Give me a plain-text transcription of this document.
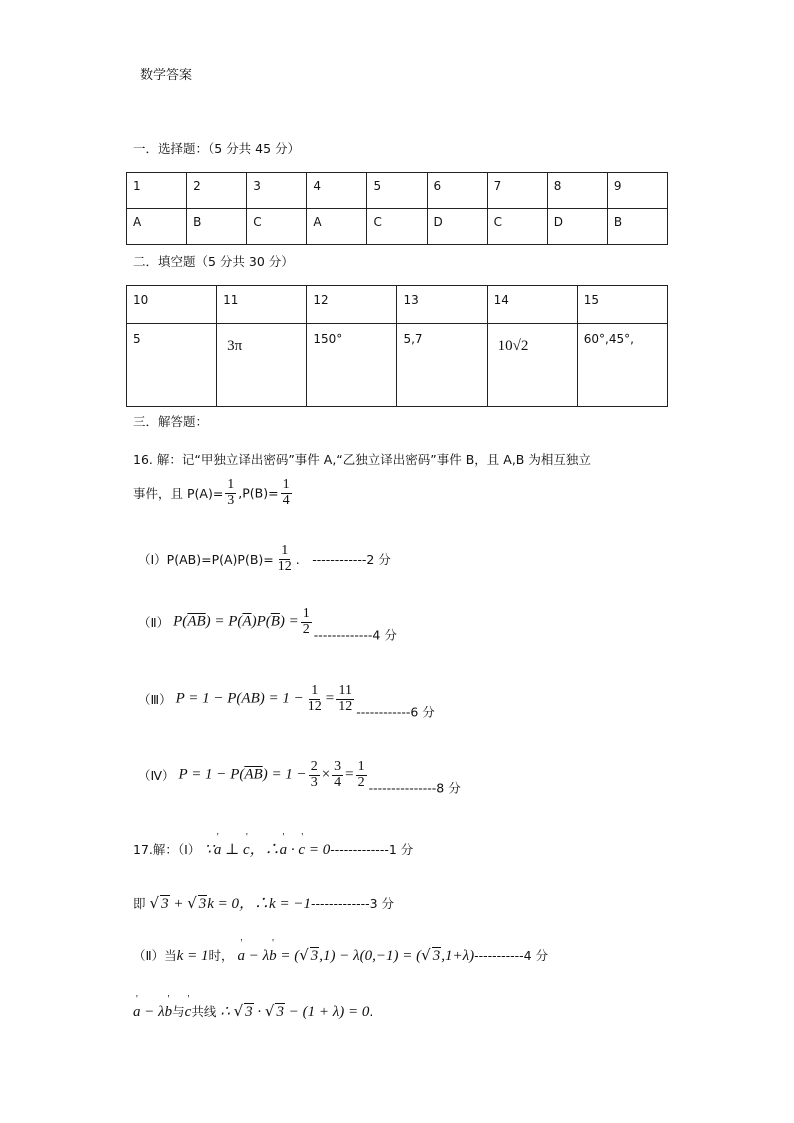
数学答案
一．选择题：（5 分共 45 分）
1	2	3	4	5	6	7	8	9
A	B	C	A	C	D	C	D	B
二．填空题（5 分共 30 分）
10	11	12	13	14	15
5	3π	150°	5,7	10√2	60°,45°,
三．解答题：
16. 解：记“甲独立译出密码”事件 A,“乙独立译出密码”事件 B，且 A,B 为相互独立
事件，且 $P(A)= \frac{1}{3} ,P(B)= \frac{1}{4}$
（Ⅰ）P(AB)=P(A)P(B)= $\frac{1}{12}$ .　------------2 分
（Ⅱ） $P(\overline{AB}) = P(\overline{A})P(\overline{B}) = \frac{1}{2} -------------4$ 分
（Ⅲ） $P = 1 - P(AB) = 1 - \frac{1}{12} = \frac{11}{12} ------------6$ 分
（Ⅳ） $P = 1 - P(\overline{AB}) = 1 - \frac{2}{3} \times \frac{3}{4} = \frac{1}{2} ---------------8$ 分
17.解：（Ⅰ） ∵' a ⊥ ' c，∴' a · ' c = 0-------------1 分
即 √ 3 + √ 3k = 0，∴k = −1-------------3 分
（Ⅱ）当k = 1时， ' a − λ' b = (√ 3,1) − λ(0,−1) = (√ 3,1+λ)-----------4 分
' a − λ' b与' c共线 ∴ √ 3 · √ 3 − (1 + λ) = 0.
